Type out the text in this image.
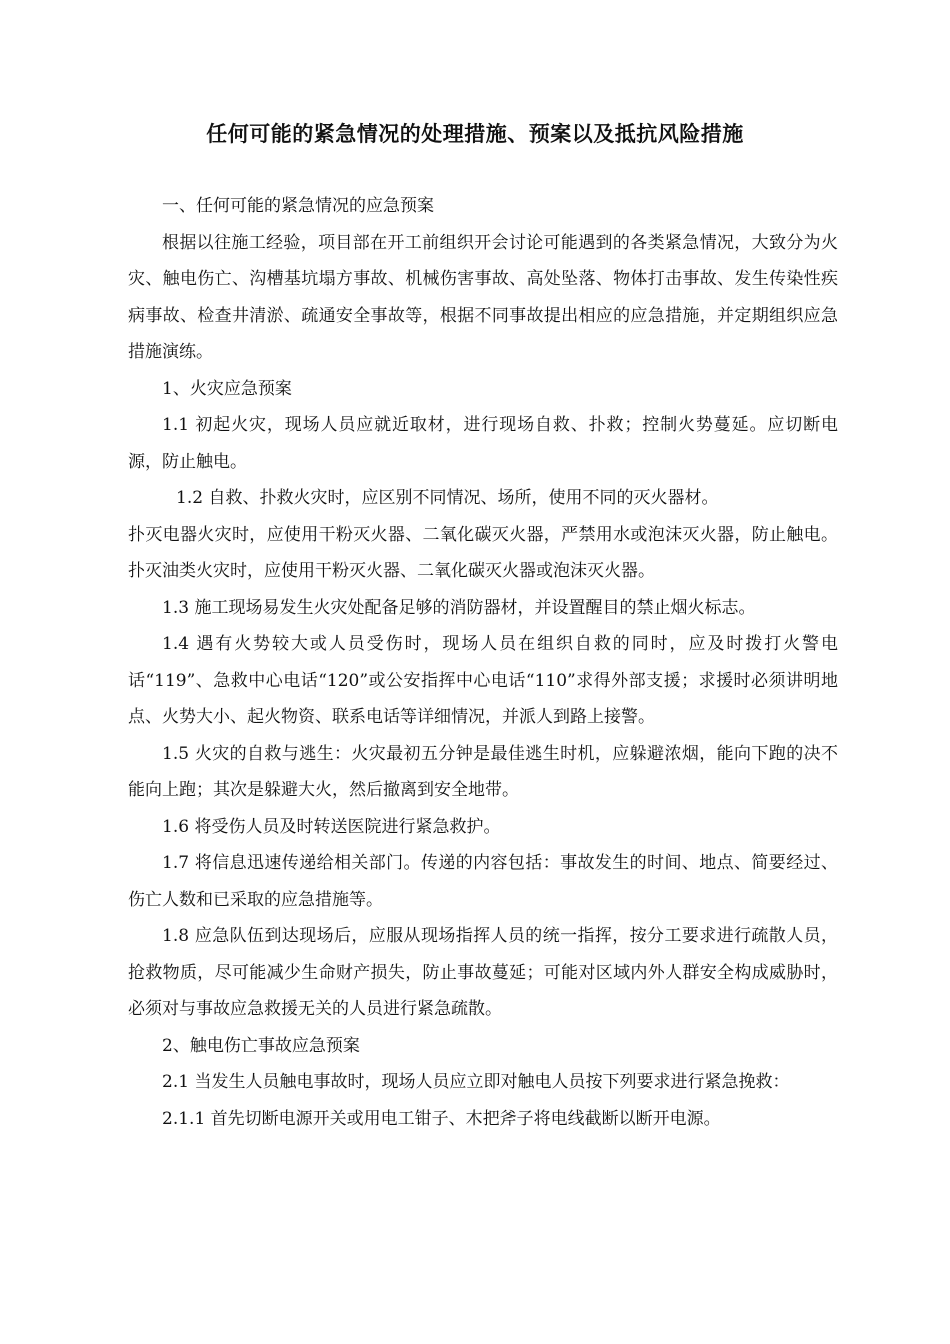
任何可能的紧急情况的处理措施、预案以及抵抗风险措施

一、任何可能的紧急情况的应急预案

根据以往施工经验，项目部在开工前组织开会讨论可能遇到的各类紧急情况，大致分为火灾、触电伤亡、沟槽基坑塌方事故、机械伤害事故、高处坠落、物体打击事故、发生传染性疾病事故、检查井清淤、疏通安全事故等，根据不同事故提出相应的应急措施，并定期组织应急措施演练。

1、火灾应急预案

1.1 初起火灾，现场人员应就近取材，进行现场自救、扑救；控制火势蔓延。应切断电源，防止触电。

1.2 自救、扑救火灾时，应区别不同情况、场所，使用不同的灭火器材。

扑灭电器火灾时，应使用干粉灭火器、二氧化碳灭火器，严禁用水或泡沫灭火器，防止触电。扑灭油类火灾时，应使用干粉灭火器、二氧化碳灭火器或泡沫灭火器。

1.3 施工现场易发生火灾处配备足够的消防器材，并设置醒目的禁止烟火标志。

1.4 遇有火势较大或人员受伤时，现场人员在组织自救的同时，应及时拨打火警电话“119”、急救中心电话“120”或公安指挥中心电话“110”求得外部支援；求援时必须讲明地点、火势大小、起火物资、联系电话等详细情况，并派人到路上接警。

1.5 火灾的自救与逃生：火灾最初五分钟是最佳逃生时机，应躲避浓烟，能向下跑的决不能向上跑；其次是躲避大火，然后撤离到安全地带。

1.6 将受伤人员及时转送医院进行紧急救护。

1.7 将信息迅速传递给相关部门。传递的内容包括：事故发生的时间、地点、简要经过、伤亡人数和已采取的应急措施等。

1.8 应急队伍到达现场后，应服从现场指挥人员的统一指挥，按分工要求进行疏散人员，抢救物质，尽可能减少生命财产损失，防止事故蔓延；可能对区域内外人群安全构成威胁时，必须对与事故应急救援无关的人员进行紧急疏散。

2、触电伤亡事故应急预案

2.1 当发生人员触电事故时，现场人员应立即对触电人员按下列要求进行紧急挽救：

2.1.1 首先切断电源开关或用电工钳子、木把斧子将电线截断以断开电源。
